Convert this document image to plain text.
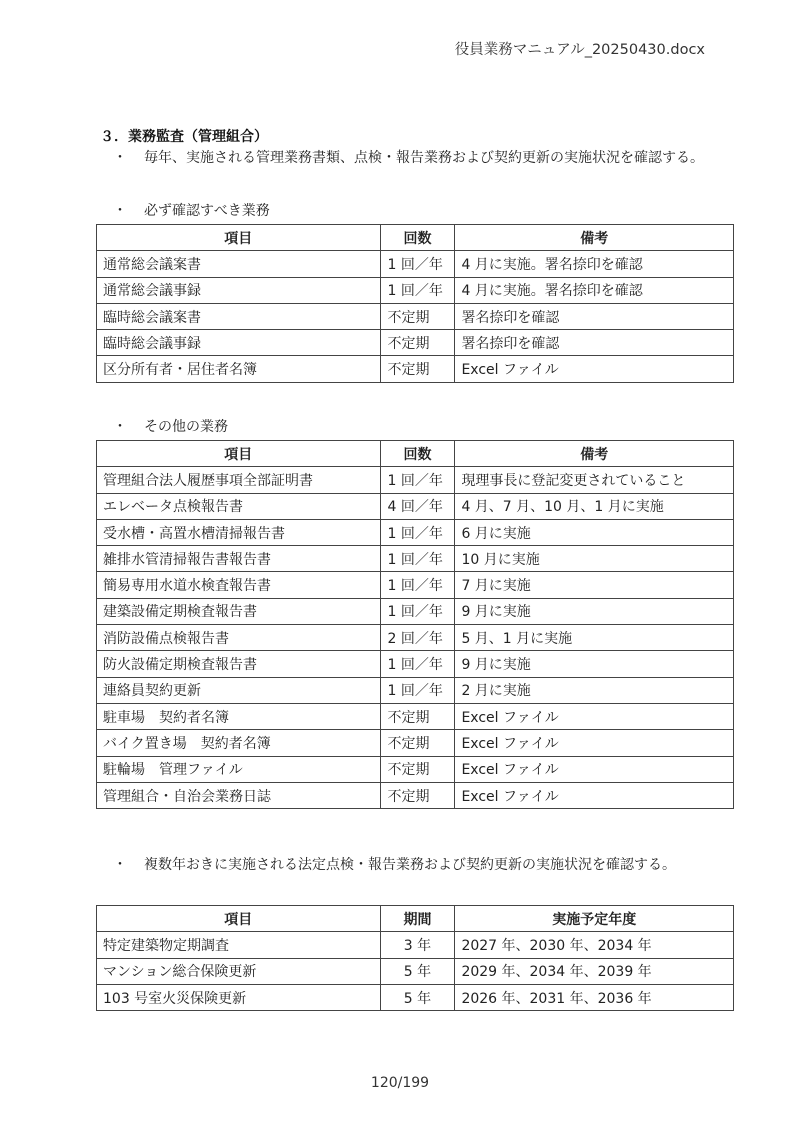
役員業務マニュアル_20250430.docx
３．業務監査（管理組合）
・ 毎年、実施される管理業務書類、点検・報告業務および契約更新の実施状況を確認する。
・ 必ず確認すべき業務
項目	回数	備考
通常総会議案書	1 回／年	4 月に実施。署名捺印を確認
通常総会議事録	1 回／年	4 月に実施。署名捺印を確認
臨時総会議案書	不定期	署名捺印を確認
臨時総会議事録	不定期	署名捺印を確認
区分所有者・居住者名簿	不定期	Excel ファイル
・ その他の業務
項目	回数	備考
管理組合法人履歴事項全部証明書	1 回／年	現理事長に登記変更されていること
エレベータ点検報告書	4 回／年	4 月、7 月、10 月、1 月に実施
受水槽・高置水槽清掃報告書	1 回／年	6 月に実施
雑排水管清掃報告書報告書	1 回／年	10 月に実施
簡易専用水道水検査報告書	1 回／年	7 月に実施
建築設備定期検査報告書	1 回／年	9 月に実施
消防設備点検報告書	2 回／年	5 月、1 月に実施
防火設備定期検査報告書	1 回／年	9 月に実施
連絡員契約更新	1 回／年	2 月に実施
駐車場　契約者名簿	不定期	Excel ファイル
バイク置き場　契約者名簿	不定期	Excel ファイル
駐輪場　管理ファイル	不定期	Excel ファイル
管理組合・自治会業務日誌	不定期	Excel ファイル
・ 複数年おきに実施される法定点検・報告業務および契約更新の実施状況を確認する。
項目	期間	実施予定年度
特定建築物定期調査	3 年	2027 年、2030 年、2034 年
マンション総合保険更新	5 年	2029 年、2034 年、2039 年
103 号室火災保険更新	5 年	2026 年、2031 年、2036 年
120/199
